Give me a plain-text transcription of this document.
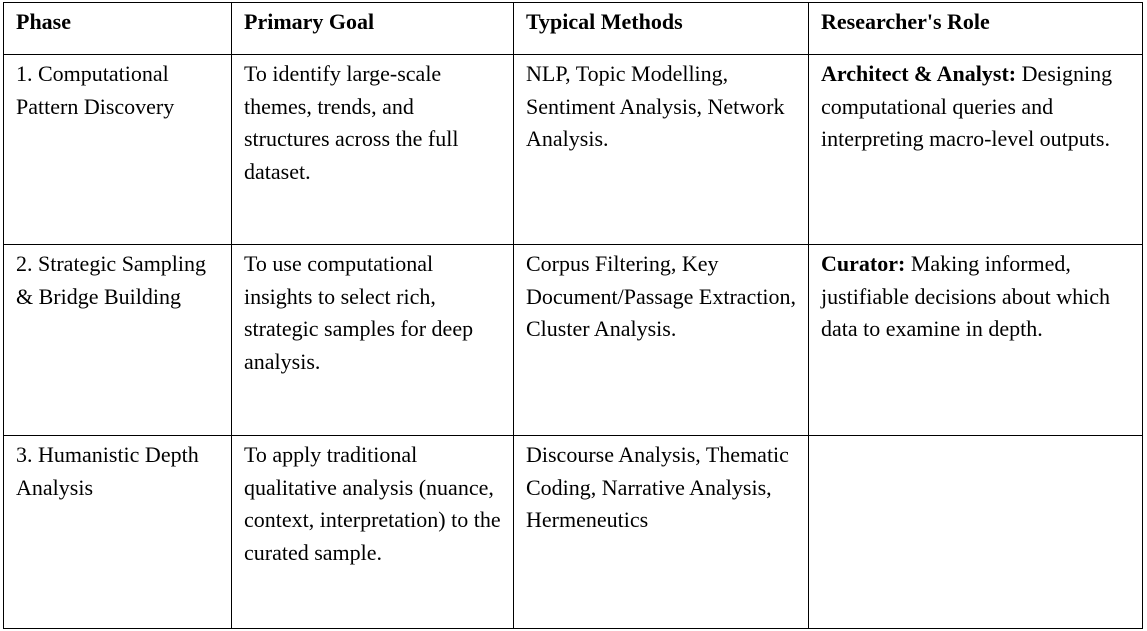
Phase	Primary Goal	Typical Methods	Researcher's Role

1. Computational Pattern Discovery	To identify large-scale themes, trends, and structures across the full dataset.	NLP, Topic Modelling, Sentiment Analysis, Network Analysis.	Architect & Analyst: Designing computational queries and interpreting macro-level outputs.

2. Strategic Sampling & Bridge Building	To use computational insights to select rich, strategic samples for deep analysis.	Corpus Filtering, Key Document/Passage Extraction, Cluster Analysis.	Curator: Making informed, justifiable decisions about which data to examine in depth.

3. Humanistic Depth Analysis	To apply traditional qualitative analysis (nuance, context, interpretation) to the curated sample.	Discourse Analysis, Thematic Coding, Narrative Analysis, Hermeneutics	
